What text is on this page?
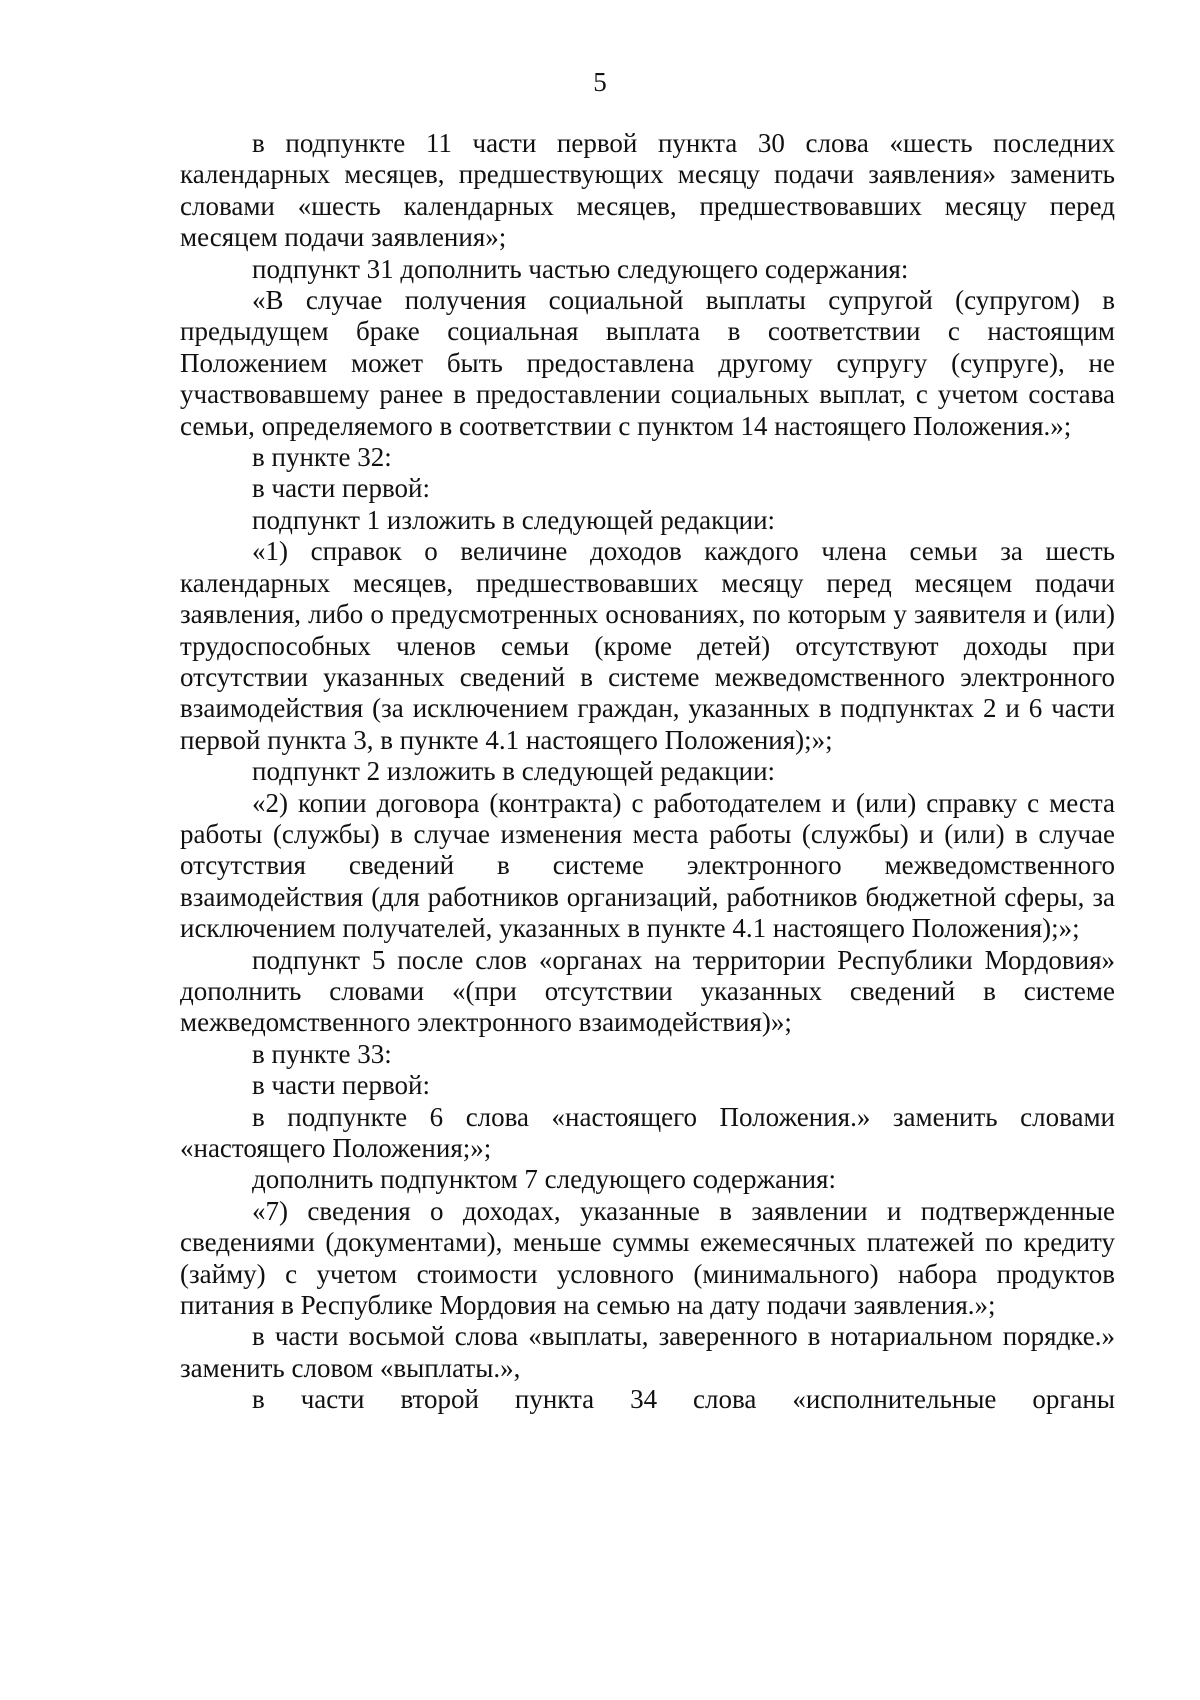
5

в подпункте 11 части первой пункта 30 слова «шесть последних календарных месяцев, предшествующих месяцу подачи заявления» заменить словами «шесть календарных месяцев, предшествовавших месяцу перед месяцем подачи заявления»;

подпункт 31 дополнить частью следующего содержания:

«В случае получения социальной выплаты супругой (супругом) в предыдущем браке социальная выплата в соответствии с настоящим Положением может быть предоставлена другому супругу (супруге), не участвовавшему ранее в предоставлении социальных выплат, с учетом состава семьи, определяемого в соответствии с пунктом 14 настоящего Положения.»;

в пункте 32:

в части первой:

подпункт 1 изложить в следующей редакции:

«1) справок о величине доходов каждого члена семьи за шесть календарных месяцев, предшествовавших месяцу перед месяцем подачи заявления, либо о предусмотренных основаниях, по которым у заявителя и (или) трудоспособных членов семьи (кроме детей) отсутствуют доходы при отсутствии указанных сведений в системе межведомственного электронного взаимодействия (за исключением граждан, указанных в подпунктах 2 и 6 части первой пункта 3, в пункте 4.1 настоящего Положения);»;

подпункт 2 изложить в следующей редакции:

«2) копии договора (контракта) с работодателем и (или) справку с места работы (службы) в случае изменения места работы (службы) и (или) в случае отсутствия сведений в системе электронного межведомственного взаимодействия (для работников организаций, работников бюджетной сферы, за исключением получателей, указанных в пункте 4.1 настоящего Положения);»;

подпункт 5 после слов «органах на территории Республики Мордовия» дополнить словами «(при отсутствии указанных сведений в системе межведомственного электронного взаимодействия)»;

в пункте 33:

в части первой:

в подпункте 6 слова «настоящего Положения.» заменить словами «настоящего Положения;»;

дополнить подпунктом 7 следующего содержания:

«7) сведения о доходах, указанные в заявлении и подтвержденные сведениями (документами), меньше суммы ежемесячных платежей по кредиту (займу) с учетом стоимости условного (минимального) набора продуктов питания в Республике Мордовия на семью на дату подачи заявления.»;

в части восьмой слова «выплаты, заверенного в нотариальном порядке.» заменить словом «выплаты.»,

в части второй пункта 34 слова «исполнительные органы
